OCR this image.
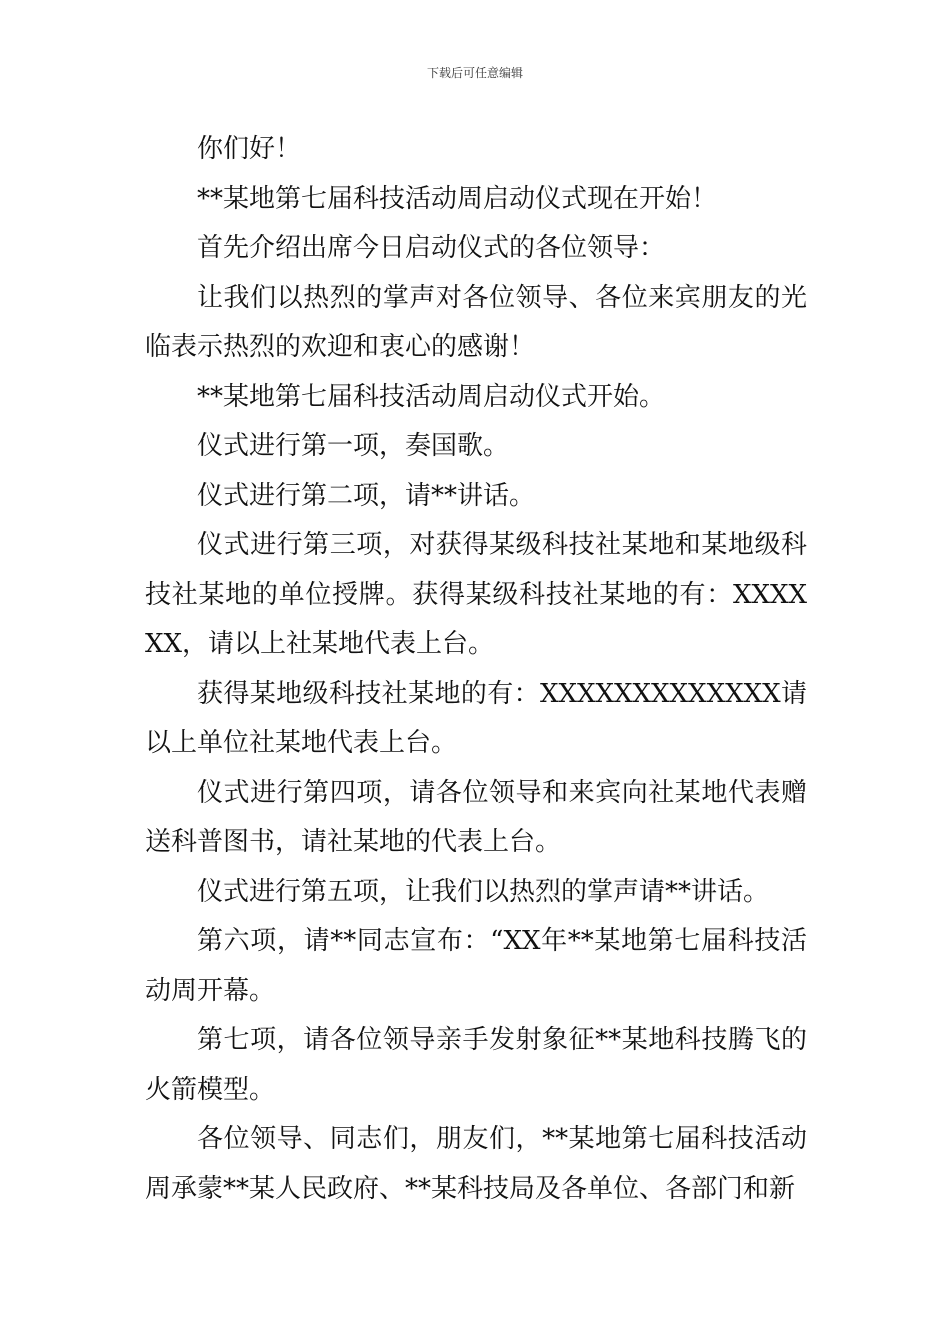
下载后可任意编辑

你们好！

**某地第七届科技活动周启动仪式现在开始！

首先介绍出席今日启动仪式的各位领导：

让我们以热烈的掌声对各位领导、各位来宾朋友的光临表示热烈的欢迎和衷心的感谢！

**某地第七届科技活动周启动仪式开始。

仪式进行第一项，奏国歌。

仪式进行第二项，请**讲话。

仪式进行第三项，对获得某级科技社某地和某地级科技社某地的单位授牌。获得某级科技社某地的有：XXXXXX，请以上社某地代表上台。

获得某地级科技社某地的有：XXXXXXXXXXXXX请以上单位社某地代表上台。

仪式进行第四项，请各位领导和来宾向社某地代表赠送科普图书，请社某地的代表上台。

仪式进行第五项，让我们以热烈的掌声请**讲话。

第六项，请**同志宣布：“XX年**某地第七届科技活动周开幕。

第七项，请各位领导亲手发射象征**某地科技腾飞的火箭模型。

各位领导、同志们，朋友们，**某地第七届科技活动周承蒙**某人民政府、**某科技局及各单位、各部门和新
